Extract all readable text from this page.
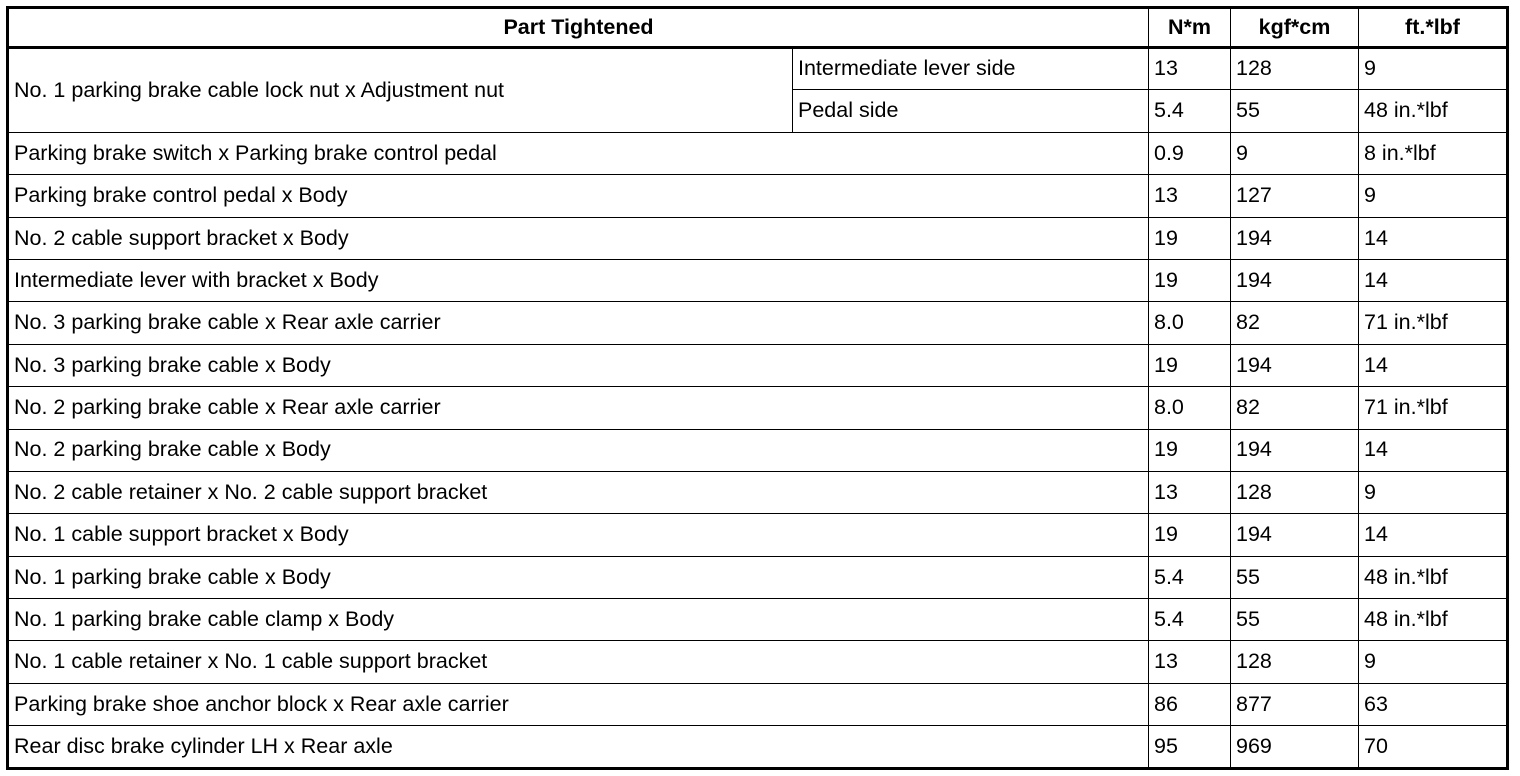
Part Tightened		N*m	kgf*cm	ft.*lbf
No. 1 parking brake cable lock nut x Adjustment nut	Intermediate lever side	13	128	9
	Pedal side	5.4	55	48 in.*lbf
Parking brake switch x Parking brake control pedal		0.9	9	8 in.*lbf
Parking brake control pedal x Body		13	127	9
No. 2 cable support bracket x Body		19	194	14
Intermediate lever with bracket x Body		19	194	14
No. 3 parking brake cable x Rear axle carrier		8.0	82	71 in.*lbf
No. 3 parking brake cable x Body		19	194	14
No. 2 parking brake cable x Rear axle carrier		8.0	82	71 in.*lbf
No. 2 parking brake cable x Body		19	194	14
No. 2 cable retainer x No. 2 cable support bracket		13	128	9
No. 1 cable support bracket x Body		19	194	14
No. 1 parking brake cable x Body		5.4	55	48 in.*lbf
No. 1 parking brake cable clamp x Body		5.4	55	48 in.*lbf
No. 1 cable retainer x No. 1 cable support bracket		13	128	9
Parking brake shoe anchor block x Rear axle carrier		86	877	63
Rear disc brake cylinder LH x Rear axle		95	969	70
